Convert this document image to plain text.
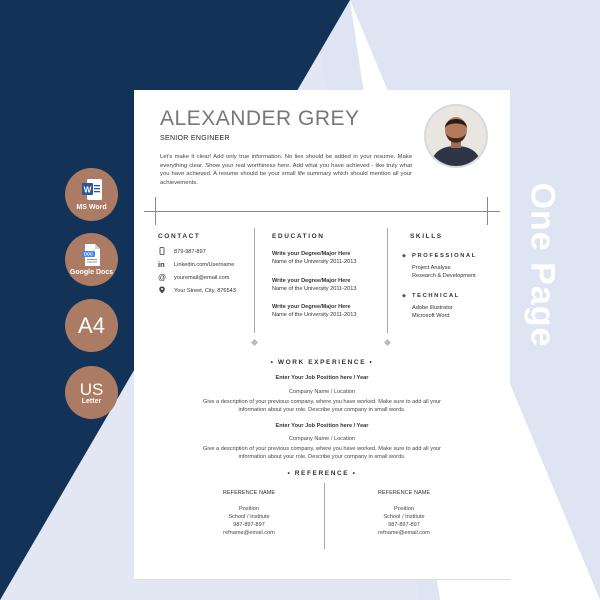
W
MS Word
DOC
Google Docs
A4
US
Letter
One Page
ALEXANDER GREY
SENIOR ENGINEER
Let's make it clear! Add only true information. No lies should be added in your resume. Make everything clear. Show your real worthiness here. Add what you have achieved - like truly what you have achieved. A resume should be your small life summary which should mention all your achievements.
CONTACT
879-987-897
in Linkedin.com/Username
@ youremail@email.com
Your Street, City, 876543
EDUCATION
Write your Degree/Major Here
Name of the University 2011-2013
Write your Degree/Major Here
Name of the University 2011-2013
Write your Degree/Major Here
Name of the University 2011-2013
SKILLS
◆ PROFESSIONAL
Project Analyse
Research & Development
◆ TECHNICAL
Adobe Illustrator
Microsoft Word
• WORK EXPERIENCE •
Enter Your Job Position here / Year
Company Name / Location
Give a description of your previous company, where you have worked. Make sure to add all your
information about your role. Describe your company in small words.
Enter Your Job Position here / Year
Company Name / Location
Give a description of your previous company, where you have worked. Make sure to add all your
information about your role. Describe your company in small words.
• REFERENCE •
REFERENCE NAME
Position
School / Institute
987-897-897
refname@email.com
REFERENCE NAME
Position
School / Institute
987-897-897
refname@email.com
